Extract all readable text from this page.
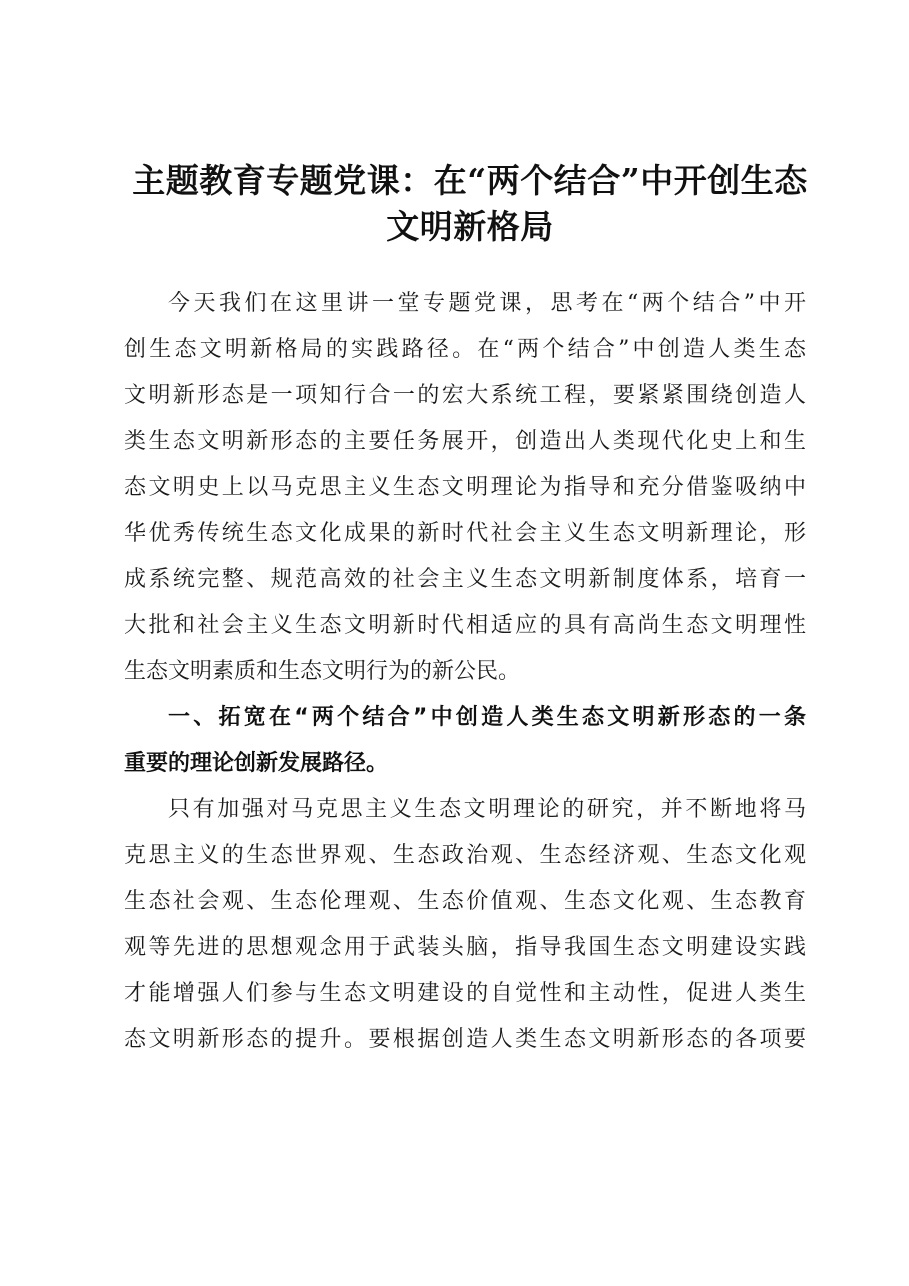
主题教育专题党课：在“两个结合”中开创生态
文明新格局
今天我们在这里讲一堂专题党课，思考在“两个结合”中开
创生态文明新格局的实践路径。在“两个结合”中创造人类生态
文明新形态是一项知行合一的宏大系统工程，要紧紧围绕创造人
类生态文明新形态的主要任务展开，创造出人类现代化史上和生
态文明史上以马克思主义生态文明理论为指导和充分借鉴吸纳中
华优秀传统生态文化成果的新时代社会主义生态文明新理论，形
成系统完整、规范高效的社会主义生态文明新制度体系，培育一
大批和社会主义生态文明新时代相适应的具有高尚生态文明理性
生态文明素质和生态文明行为的新公民。
一、拓宽在“两个结合”中创造人类生态文明新形态的一条
重要的理论创新发展路径。
只有加强对马克思主义生态文明理论的研究，并不断地将马
克思主义的生态世界观、生态政治观、生态经济观、生态文化观
生态社会观、生态伦理观、生态价值观、生态文化观、生态教育
观等先进的思想观念用于武装头脑，指导我国生态文明建设实践
才能增强人们参与生态文明建设的自觉性和主动性，促进人类生
态文明新形态的提升。要根据创造人类生态文明新形态的各项要
